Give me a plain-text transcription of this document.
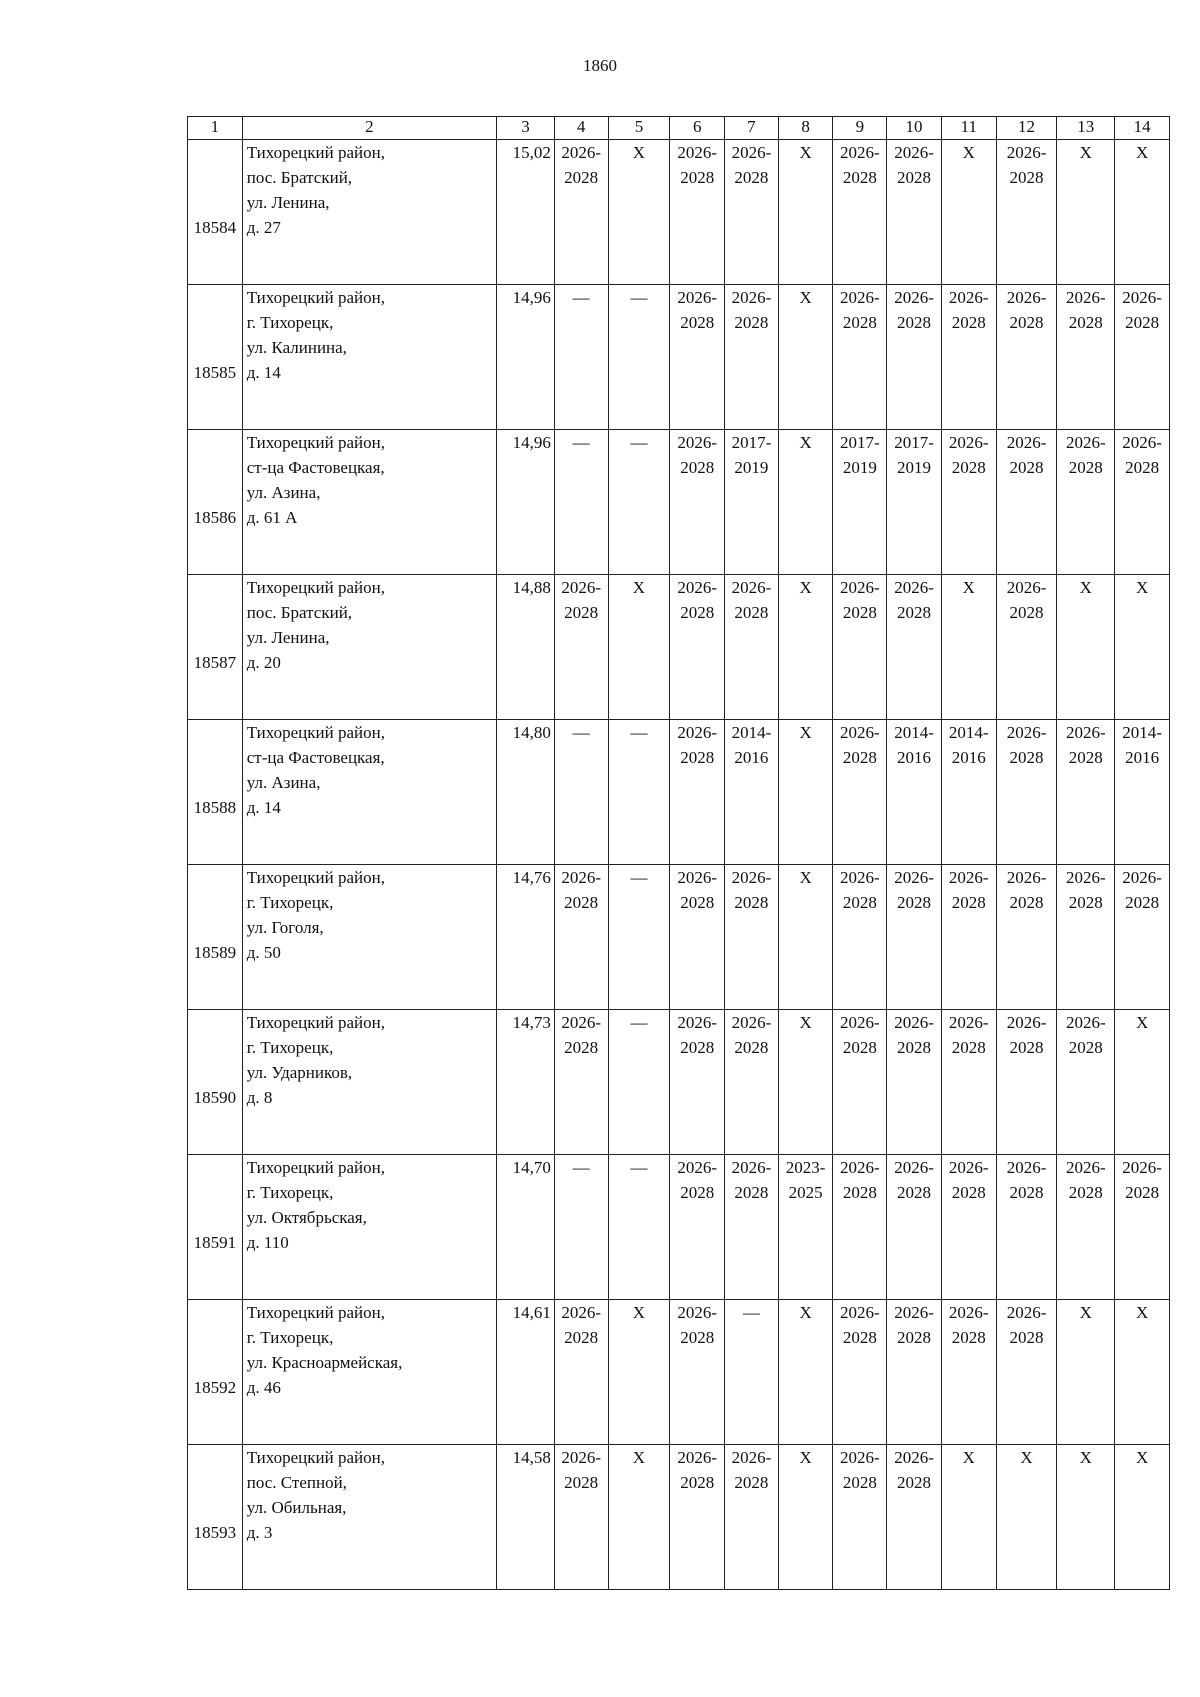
1860
1	2	3	4	5	6	7	8	9	10	11	12	13	14
18584	Тихорецкий район,
пос. Братский,
ул. Ленина,
д. 27	15,02	2026-
2028	X	2026-
2028	2026-
2028	X	2026-
2028	2026-
2028	X	2026-
2028	X	X

18585	Тихорецкий район,
г. Тихорецк,
ул. Калинина,
д. 14	14,96	—	—	2026-
2028	2026-
2028	X	2026-
2028	2026-
2028	2026-
2028	2026-
2028	2026-
2028	2026-
2028

18586	Тихорецкий район,
ст-ца Фастовецкая,
ул. Азина,
д. 61 А	14,96	—	—	2026-
2028	2017-
2019	X	2017-
2019	2017-
2019	2026-
2028	2026-
2028	2026-
2028	2026-
2028

18587	Тихорецкий район,
пос. Братский,
ул. Ленина,
д. 20	14,88	2026-
2028	X	2026-
2028	2026-
2028	X	2026-
2028	2026-
2028	X	2026-
2028	X	X

18588	Тихорецкий район,
ст-ца Фастовецкая,
ул. Азина,
д. 14	14,80	—	—	2026-
2028	2014-
2016	X	2026-
2028	2014-
2016	2014-
2016	2026-
2028	2026-
2028	2014-
2016

18589	Тихорецкий район,
г. Тихорецк,
ул. Гоголя,
д. 50	14,76	2026-
2028	—	2026-
2028	2026-
2028	X	2026-
2028	2026-
2028	2026-
2028	2026-
2028	2026-
2028	2026-
2028

18590	Тихорецкий район,
г. Тихорецк,
ул. Ударников,
д. 8	14,73	2026-
2028	—	2026-
2028	2026-
2028	X	2026-
2028	2026-
2028	2026-
2028	2026-
2028	2026-
2028	X

18591	Тихорецкий район,
г. Тихорецк,
ул. Октябрьская,
д. 110	14,70	—	—	2026-
2028	2026-
2028	2023-
2025	2026-
2028	2026-
2028	2026-
2028	2026-
2028	2026-
2028	2026-
2028

18592	Тихорецкий район,
г. Тихорецк,
ул. Красноармейская,
д. 46	14,61	2026-
2028	X	2026-
2028	—	X	2026-
2028	2026-
2028	2026-
2028	2026-
2028	X	X

18593	Тихорецкий район,
пос. Степной,
ул. Обильная,
д. 3	14,58	2026-
2028	X	2026-
2028	2026-
2028	X	2026-
2028	2026-
2028	X	X	X	X
